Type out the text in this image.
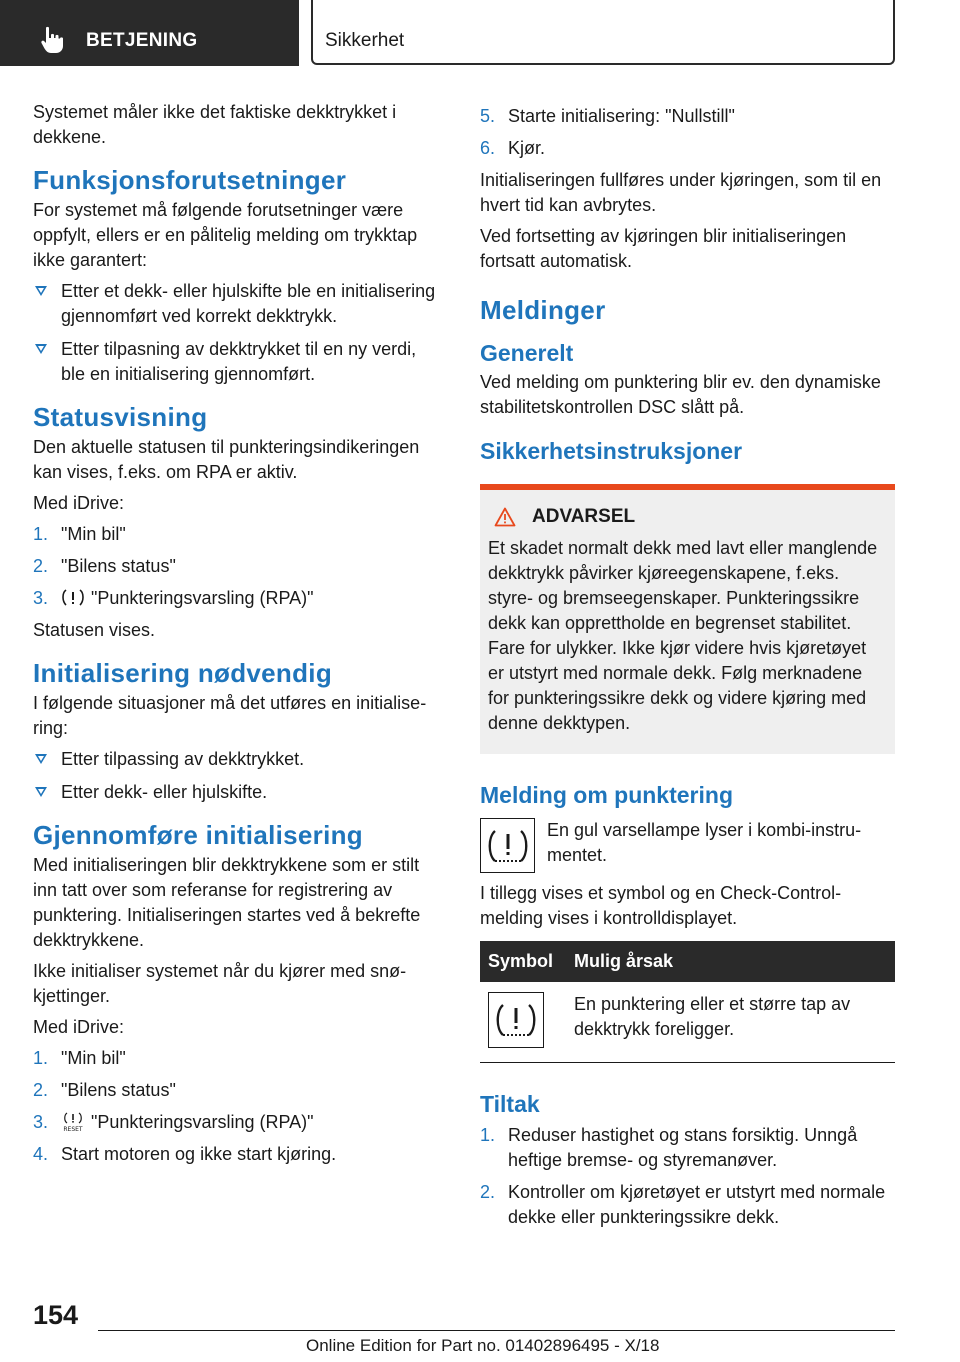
BETJENING	Sikkerhet

Systemet måler ikke det faktiske dekktrykket i dekkene.

Funksjonsforutsetninger

For systemet må følgende forutsetninger være oppfylt, ellers er en pålitelig melding om trykktap ikke garantert:

Etter et dekk- eller hjulskifte ble en initialisering gjennomført ved korrekt dekktrykk.
Etter tilpasning av dekktrykket til en ny verdi, ble en initialisering gjennomført.
Statusvisning

Den aktuelle statusen til punkteringsindikeringen kan vises, f.eks. om RPA er aktiv.

Med iDrive:

1. "Min bil"
2. "Bilens status"
3. "Punkteringsvarsling (RPA)"

Statusen vises.

Initialisering nødvendig

I følgende situasjoner må det utføres en initialisering:

Etter tilpassing av dekktrykket.
Etter dekk- eller hjulskifte.
Gjennomføre initialisering

Med initialiseringen blir dekktrykkene som er stilt inn tatt over som referanse for registrering av punktering. Initialiseringen startes ved å bekrefte dekktrykkene.

Ikke initialiser systemet når du kjører med snøkjettinger.

Med iDrive:

1. "Min bil"
2. "Bilens status"
3.	RESET "Punkteringsvarsling (RPA)"
4. Start motoren og ikke start kjøring.
5. Starte initialisering: "Nullstill"
6. Kjør.

Initialiseringen fullføres under kjøringen, som til en hvert tid kan avbrytes.

Ved fortsetting av kjøringen blir initialiseringen fortsatt automatisk.

Meldinger
Generelt

Ved melding om punktering blir ev. den dynamiske stabilitetskontrollen DSC slått på.

Sikkerhetsinstruksjoner
ADVARSEL

Et skadet normalt dekk med lavt eller manglende dekktrykk påvirker kjøreegenskapene, f.eks. styre- og bremseegenskaper. Punkteringssikre dekk kan opprettholde en begrenset stabilitet. Fare for ulykker. Ikke kjør videre hvis kjøretøyet er utstyrt med normale dekk. Følg merknadene for punkteringssikre dekk og videre kjøring med denne dekktypen.

Melding om punktering

En gul varsellampe lyser i kombi-instrumentet.

I tillegg vises et symbol og en Check-Control-melding vises i kontrolldisplayet.

Symbol	Mulig årsak

	En punktering eller et større tap av dekktrykk foreligger.
Tiltak
1. Reduser hastighet og stans forsiktig. Unngå heftige bremse- og styremanøver.
2. Kontroller om kjøretøyet er utstyrt med normale dekke eller punkteringssikre dekk.
154
Online Edition for Part no. 01402896495 - X/18
